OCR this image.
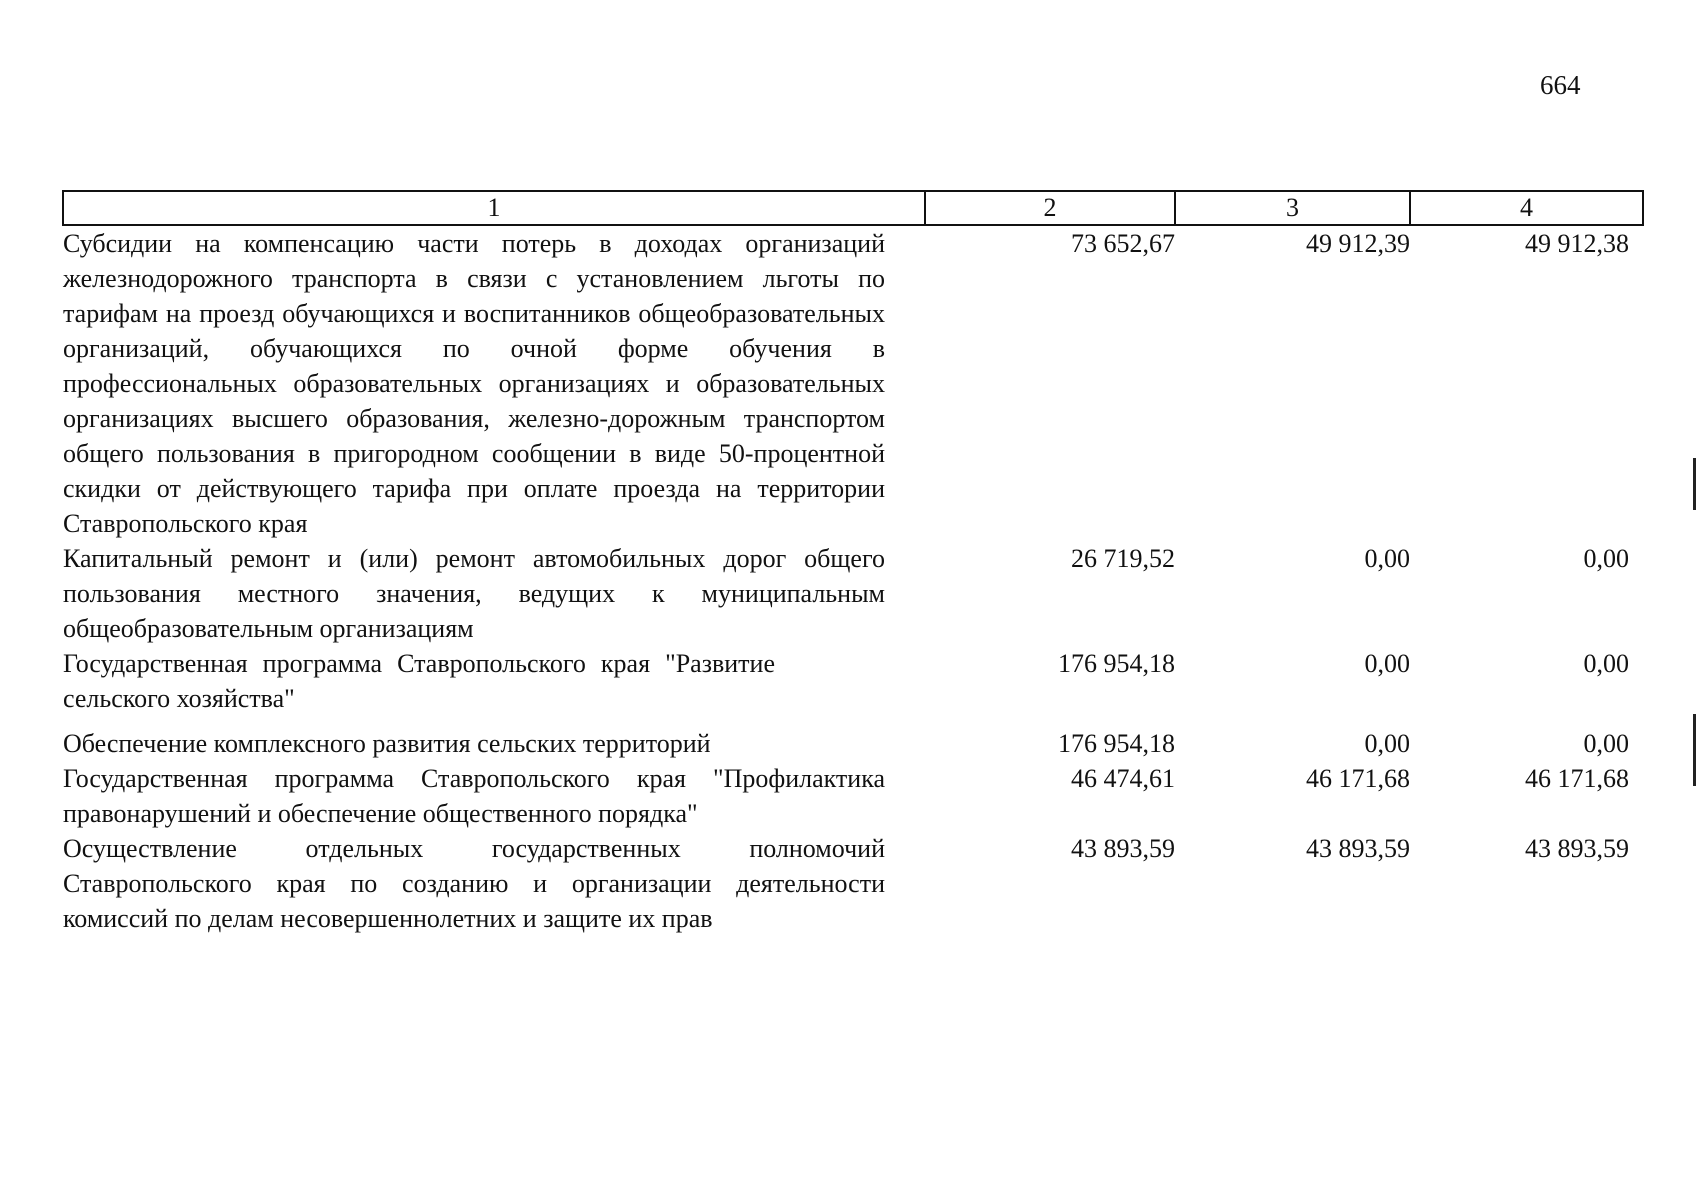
664
1	2	3	4
Субсидии на компенсацию части потерь в доходах организаций железнодорожного транспорта в связи с установлением льготы по тарифам на проезд обучающихся и воспитанников общеобразовательных организаций, обучающихся по очной форме обучения в профессиональных образовательных организациях и образовательных организациях высшего образования, железно-дорожным транспортом общего пользования в пригородном сообщении в виде 50-процентной скидки от действующего тарифа при оплате проезда на территории Ставропольского края	73 652,67	49 912,39	49 912,38
Капитальный ремонт и (или) ремонт автомобильных дорог общего пользования местного значения, ведущих к муниципальным общеобразовательным организациям	26 719,52	0,00	0,00
Государственная программа Ставропольского края "Развитие сельского хозяйства"	176 954,18	0,00	0,00
Обеспечение комплексного развития сельских территорий	176 954,18	0,00	0,00
Государственная программа Ставропольского края "Профилактика правонарушений и обеспечение общественного порядка"	46 474,61	46 171,68	46 171,68
Осуществление отдельных государственных полномочий Ставропольского края по созданию и организации деятельности комиссий по делам несовершеннолетних и защите их прав	43 893,59	43 893,59	43 893,59
